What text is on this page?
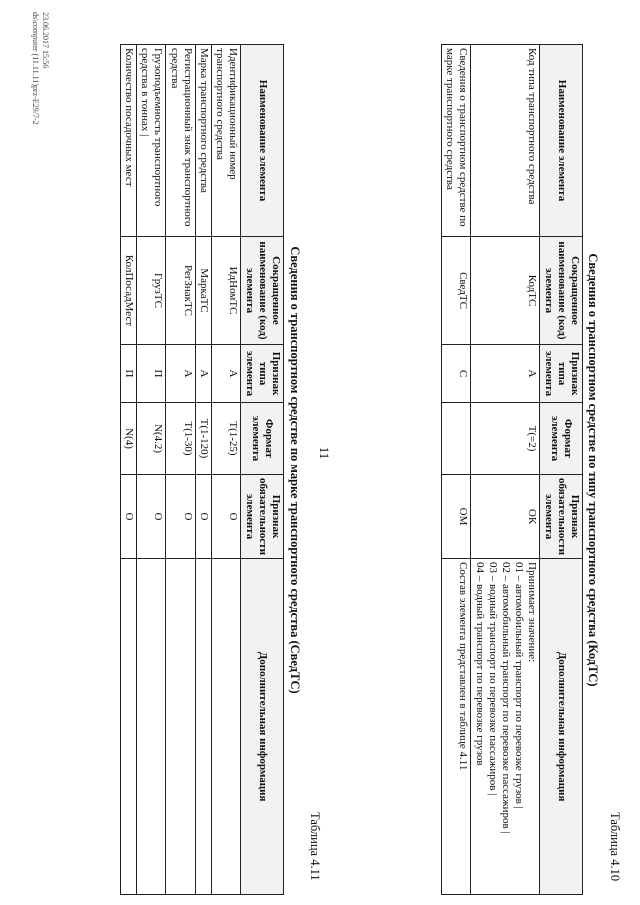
11
Таблица 4.10
Сведения о транспортном средстве по типу транспортного средства (КодТС)
Наименование элемента	Сокращенное наименование (код) элемента	Признак типа элемента	Формат элемента	Признак обязательности элемента	Дополнительная информация
Код типа транспортного средства	КодТС	А	T(=2)	ОК	Принимает значение:
01 – автомобильный транспорт по перевозке грузов |
02 – автомобильный транспорт по перевозке пассажиров |
03 – водный транспорт по перевозке пассажиров |
04 – водный транспорт по перевозке грузов

Сведения о транспортном средстве по марке транспортного средства	СведТС	С		ОМ	Состав элемента представлен в таблице 4.11
Таблица 4.11
Сведения о транспортном средстве по марке транспортного средства (СведТС)
Наименование элемента	Сокращенное наименование (код) элемента	Признак типа элемента	Формат элемента	Признак обязательности элемента	Дополнительная информация
Идентификационный номер транспортного средства	ИдНомТС	А	T(1-25)	О	
Марка транспортного средства	МаркаТС	А	T(1-120)	О	
Регистрационный знак транспортного средства	РегЗнакТС	А	T(1-30)	О	
Грузоподъемность транспортного средства в тоннах |	ГрузТС	П	N(4.2)	О	
Количество посадочных мест	КолПосадМест	П	N(4)	О	
23.06.2017 15:56
ds\computer (11.11.11)prz-E29/7-2
